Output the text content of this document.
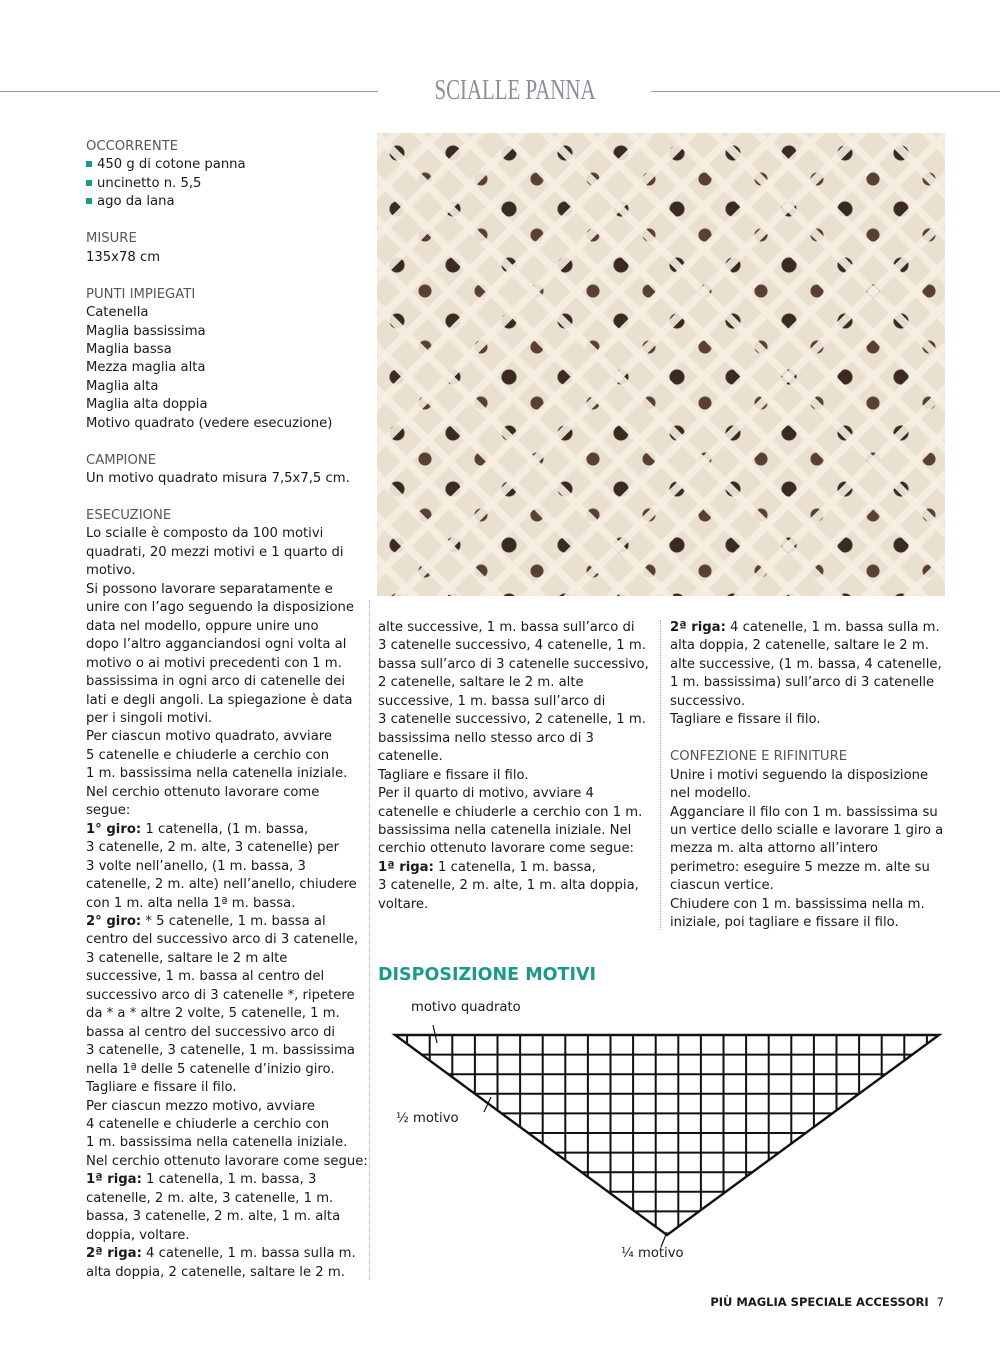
SCIALLE PANNA
OCCORRENTE
450 g di cotone panna
uncinetto n. 5,5
ago da lana
MISURE
135x78 cm
PUNTI IMPIEGATI
Catenella
Maglia bassissima
Maglia bassa
Mezza maglia alta
Maglia alta
Maglia alta doppia
Motivo quadrato (vedere esecuzione)
CAMPIONE
Un motivo quadrato misura 7,5x7,5 cm.
ESECUZIONE
Lo scialle è composto da 100 motivi
quadrati, 20 mezzi motivi e 1 quarto di
motivo.
Si possono lavorare separatamente e
unire con l’ago seguendo la disposizione
data nel modello, oppure unire uno
dopo l’altro agganciandosi ogni volta al
motivo o ai motivi precedenti con 1 m.
bassissima in ogni arco di catenelle dei
lati e degli angoli. La spiegazione è data
per i singoli motivi.
Per ciascun motivo quadrato, avviare
5 catenelle e chiuderle a cerchio con
1 m. bassissima nella catenella iniziale.
Nel cerchio ottenuto lavorare come
segue:
1° giro: 1 catenella, (1 m. bassa,
3 catenelle, 2 m. alte, 3 catenelle) per
3 volte nell’anello, (1 m. bassa, 3
catenelle, 2 m. alte) nell’anello, chiudere
con 1 m. alta nella 1ª m. bassa.
2° giro: * 5 catenelle, 1 m. bassa al
centro del successivo arco di 3 catenelle,
3 catenelle, saltare le 2 m alte
successive, 1 m. bassa al centro del
successivo arco di 3 catenelle *, ripetere
da * a * altre 2 volte, 5 catenelle, 1 m.
bassa al centro del successivo arco di
3 catenelle, 3 catenelle, 1 m. bassissima
nella 1ª delle 5 catenelle d’inizio giro.
Tagliare e fissare il filo.
Per ciascun mezzo motivo, avviare
4 catenelle e chiuderle a cerchio con
1 m. bassissima nella catenella iniziale.
Nel cerchio ottenuto lavorare come segue:
1ª riga: 1 catenella, 1 m. bassa, 3
catenelle, 2 m. alte, 3 catenelle, 1 m.
bassa, 3 catenelle, 2 m. alte, 1 m. alta
doppia, voltare.
2ª riga: 4 catenelle, 1 m. bassa sulla m.
alta doppia, 2 catenelle, saltare le 2 m.
alte successive, 1 m. bassa sull’arco di
3 catenelle successivo, 4 catenelle, 1 m.
bassa sull’arco di 3 catenelle successivo,
2 catenelle, saltare le 2 m. alte
successive, 1 m. bassa sull’arco di
3 catenelle successivo, 2 catenelle, 1 m.
bassissima nello stesso arco di 3
catenelle.
Tagliare e fissare il filo.
Per il quarto di motivo, avviare 4
catenelle e chiuderle a cerchio con 1 m.
bassissima nella catenella iniziale. Nel
cerchio ottenuto lavorare come segue:
1ª riga: 1 catenella, 1 m. bassa,
3 catenelle, 2 m. alte, 1 m. alta doppia,
voltare.
2ª riga: 4 catenelle, 1 m. bassa sulla m.
alta doppia, 2 catenelle, saltare le 2 m.
alte successive, (1 m. bassa, 4 catenelle,
1 m. bassissima) sull’arco di 3 catenelle
successivo.
Tagliare e fissare il filo.
CONFEZIONE E RIFINITURE
Unire i motivi seguendo la disposizione
nel modello.
Agganciare il filo con 1 m. bassissima su
un vertice dello scialle e lavorare 1 giro a
mezza m. alta attorno all’intero
perimetro: eseguire 5 mezze m. alte su
ciascun vertice.
Chiudere con 1 m. bassissima nella m.
iniziale, poi tagliare e fissare il filo.
DISPOSIZIONE MOTIVI
motivo quadrato
½ motivo
¼ motivo
PIÙ MAGLIA SPECIALE ACCESSORI 7
